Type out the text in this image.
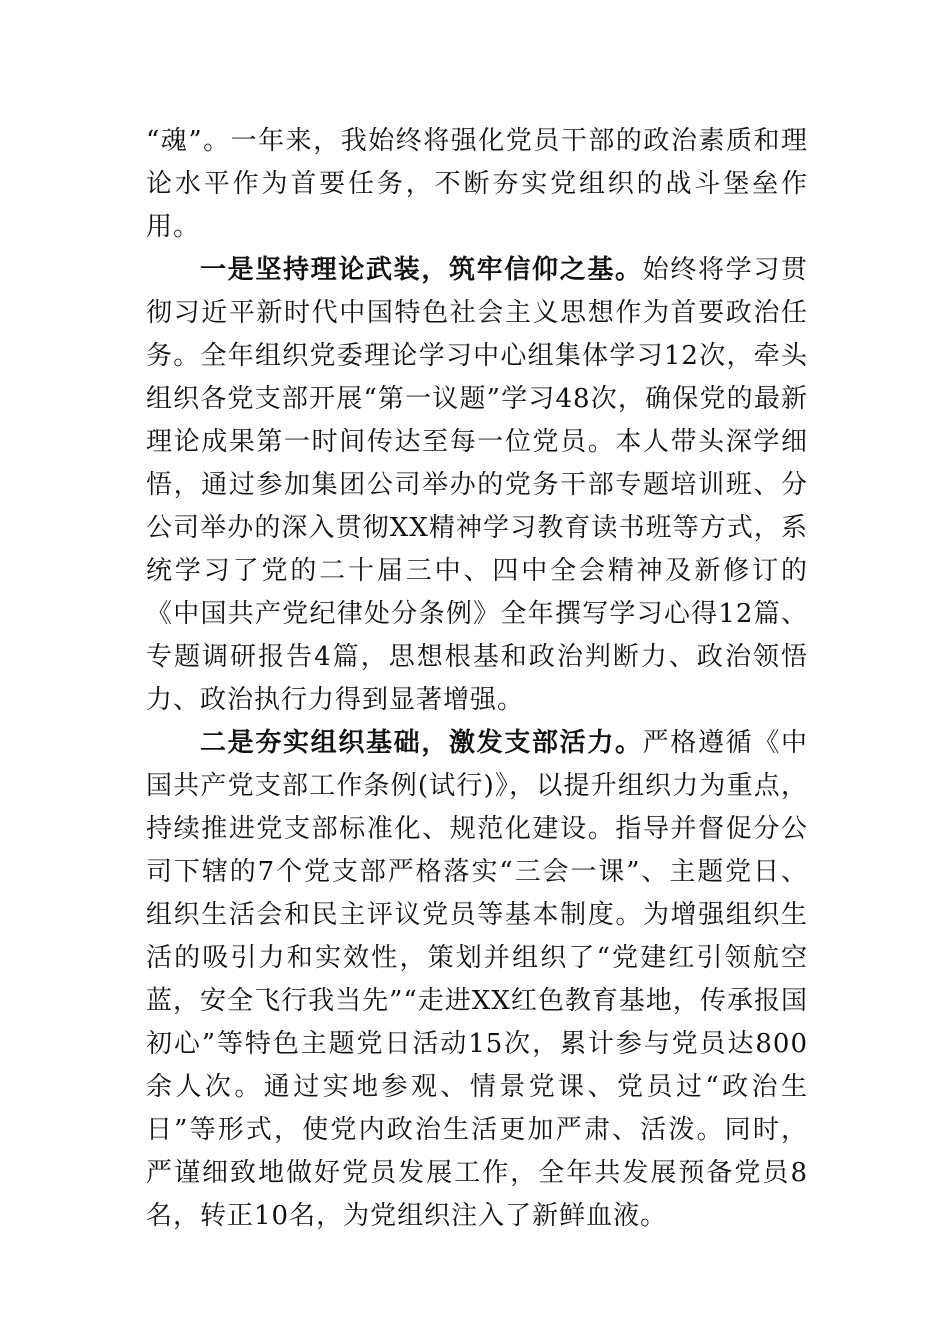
“魂”。一年来，我始终将强化党员干部的政治素质和理论水平作为首要任务，不断夯实党组织的战斗堡垒作用。

一是坚持理论武装，筑牢信仰之基。始终将学习贯彻习近平新时代中国特色社会主义思想作为首要政治任务。全年组织党委理论学习中心组集体学习12次，牵头组织各党支部开展“第一议题”学习48次，确保党的最新理论成果第一时间传达至每一位党员。本人带头深学细悟，通过参加集团公司举办的党务干部专题培训班、分公司举办的深入贯彻XX精神学习教育读书班等方式，系统学习了党的二十届三中、四中全会精神及新修订的《中国共产党纪律处分条例》全年撰写学习心得12篇、专题调研报告4篇，思想根基和政治判断力、政治领悟力、政治执行力得到显著增强。

二是夯实组织基础，激发支部活力。严格遵循《中国共产党支部工作条例(试行)》，以提升组织力为重点，持续推进党支部标准化、规范化建设。指导并督促分公司下辖的7个党支部严格落实“三会一课”、主题党日、组织生活会和民主评议党员等基本制度。为增强组织生活的吸引力和实效性，策划并组织了“党建红引领航空蓝，安全飞行我当先”“走进XX红色教育基地，传承报国初心”等特色主题党日活动15次，累计参与党员达800余人次。通过实地参观、情景党课、党员过“政治生日”等形式，使党内政治生活更加严肃、活泼。同时，严谨细致地做好党员发展工作，全年共发展预备党员8名，转正10名，为党组织注入了新鲜血液。
